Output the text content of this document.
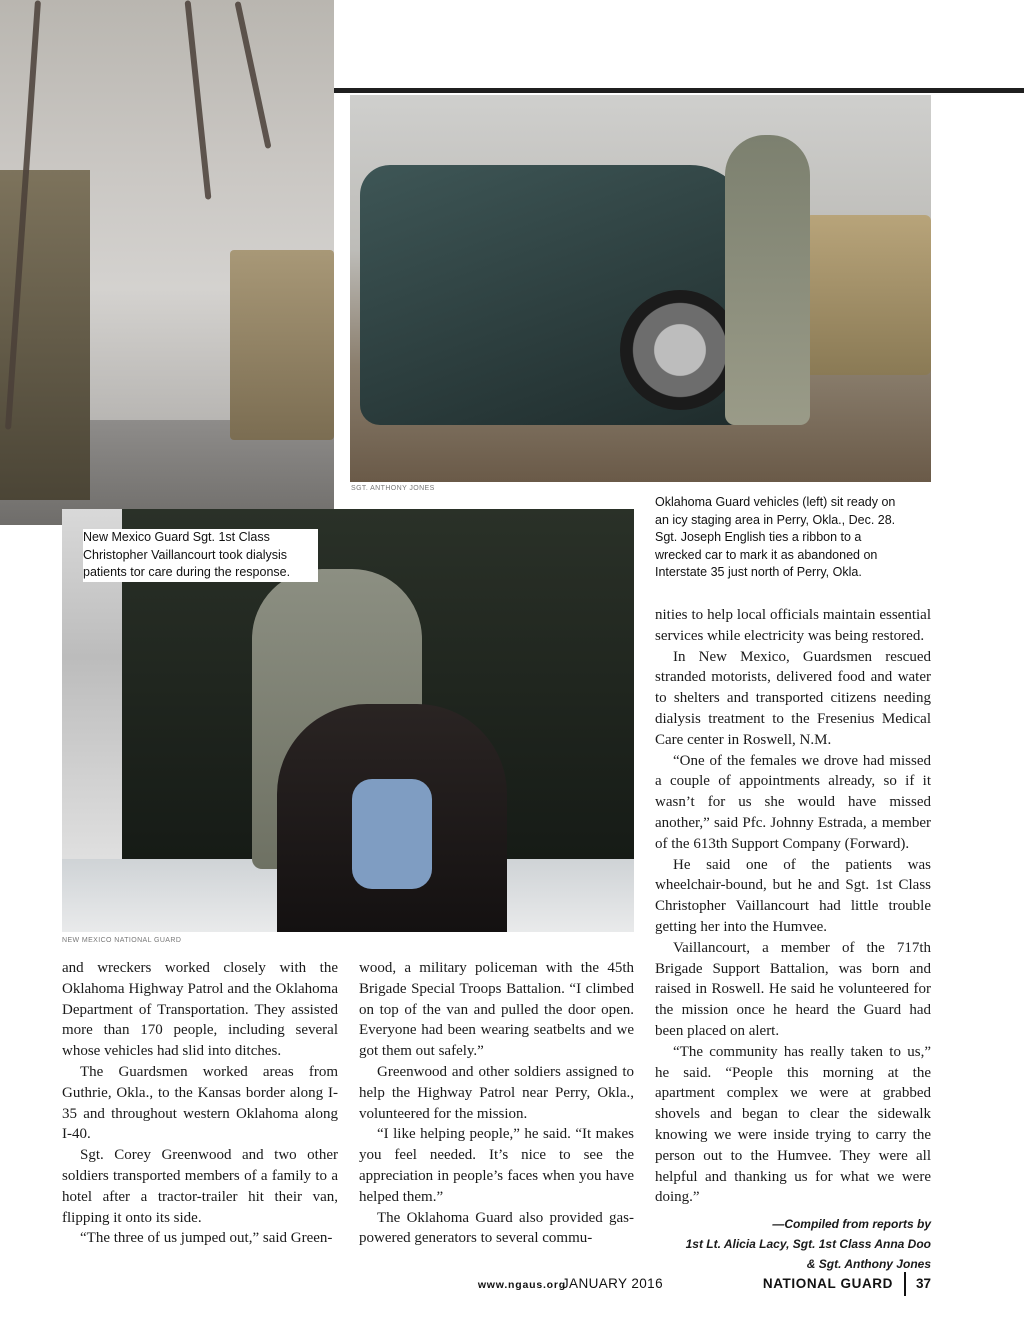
SGT. ANTHONY JONES
NEW MEXICO NATIONAL GUARD
New Mexico Guard Sgt. 1st Class Christopher Vaillancourt took dialysis patients tor care during the response.
Oklahoma Guard vehicles (left) sit ready on an icy staging area in Perry, Okla., Dec. 28. Sgt. Joseph English ties a ribbon to a wrecked car to mark it as abandoned on Interstate 35 just north of Perry, Okla.

and wreckers worked closely with the Oklahoma Highway Patrol and the Oklahoma Department of Transportation. They assisted more than 170 people, including several whose vehicles had slid into ditches.

The Guardsmen worked areas from Guthrie, Okla., to the Kansas border along I-35 and throughout western Oklahoma along I-40.

Sgt. Corey Greenwood and two other soldiers transported members of a family to a hotel after a tractor-trailer hit their van, flipping it onto its side.

“The three of us jumped out,” said Green-

wood, a military policeman with the 45th Brigade Special Troops Battalion. “I climbed on top of the van and pulled the door open. Everyone had been wearing seatbelts and we got them out safely.”

Greenwood and other soldiers assigned to help the Highway Patrol near Perry, Okla., volunteered for the mission.

“I like helping people,” he said. “It makes you feel needed. It’s nice to see the appreciation in people’s faces when you have helped them.”

The Oklahoma Guard also provided gas-powered generators to several commu-

nities to help local officials maintain essential services while electricity was being restored.

In New Mexico, Guardsmen rescued stranded motorists, delivered food and water to shelters and transported citizens needing dialysis treatment to the Fresenius Medical Care center in Roswell, N.M.

“One of the females we drove had missed a couple of appointments already, so if it wasn’t for us she would have missed another,” said Pfc. Johnny Estrada, a member of the 613th Support Company (Forward).

He said one of the patients was wheelchair-bound, but he and Sgt. 1st Class Christopher Vaillancourt had little trouble getting her into the Humvee.

Vaillancourt, a member of the 717th Brigade Support Battalion, was born and raised in Roswell. He said he volunteered for the mission once he heard the Guard had been placed on alert.

“The community has really taken to us,” he said. “People this morning at the apartment complex we were at grabbed shovels and began to clear the sidewalk knowing we were inside trying to carry the person out to the Humvee. They were all helpful and thanking us for what we were doing.”

—Compiled from reports by

1st Lt. Alicia Lacy, Sgt. 1st Class Anna Doo

& Sgt. Anthony Jones

www.ngaus.org
JANUARY 2016	NATIONAL GUARD 37
